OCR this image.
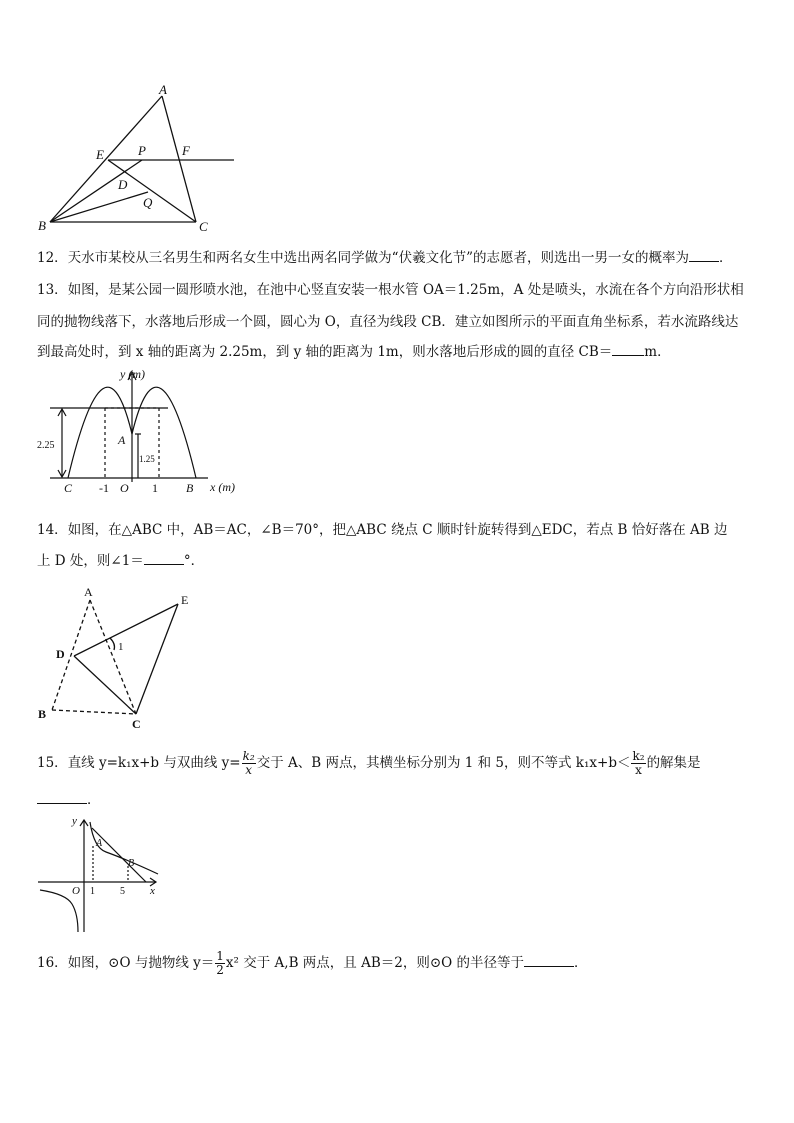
A
E	P	F
D
Q
B	C
12．天水市某校从三名男生和两名女生中选出两名同学做为“伏羲文化节”的志愿者，则选出一男一女的概率为 ．
13．如图，是某公园一圆形喷水池，在池中心竖直安装一根水管 OA＝1.25m，A 处是喷头，水流在各个方向沿形状相
同的抛物线落下，水落地后形成一个圆，圆心为 O，直径为线段 CB．建立如图所示的平面直角坐标系，若水流路线达
到最高处时，到 x 轴的距离为 2.25m，到 y 轴的距离为 1m，则水落地后形成的圆的直径 CB＝ m．
y (m)
2.25	A
1.25
C -1 O 1 B x (m)
14．如图，在△ABC 中，AB＝AC，∠B＝70°，把△ABC 绕点 C 顺时针旋转得到△EDC，若点 B 恰好落在 AB 边
上 D 处，则∠1＝	°．
A
E
D	1
B
C
15．直线 y=k₁x+b 与双曲线 $y= \frac{\text{k₂}}{x}$ 交于 A、B 两点，其横坐标分别为 1 和 5，则不等式 $k_1x+b< \frac{\text{k₂}}{x}$ 的解集是
．
y
A
B
O 1	5 x
16．如图，⊙O 与抛物线 $y= \frac{1}{2} x^2$ 交于 A,B 两点，且 AB＝2，则⊙O 的半径等于	．
